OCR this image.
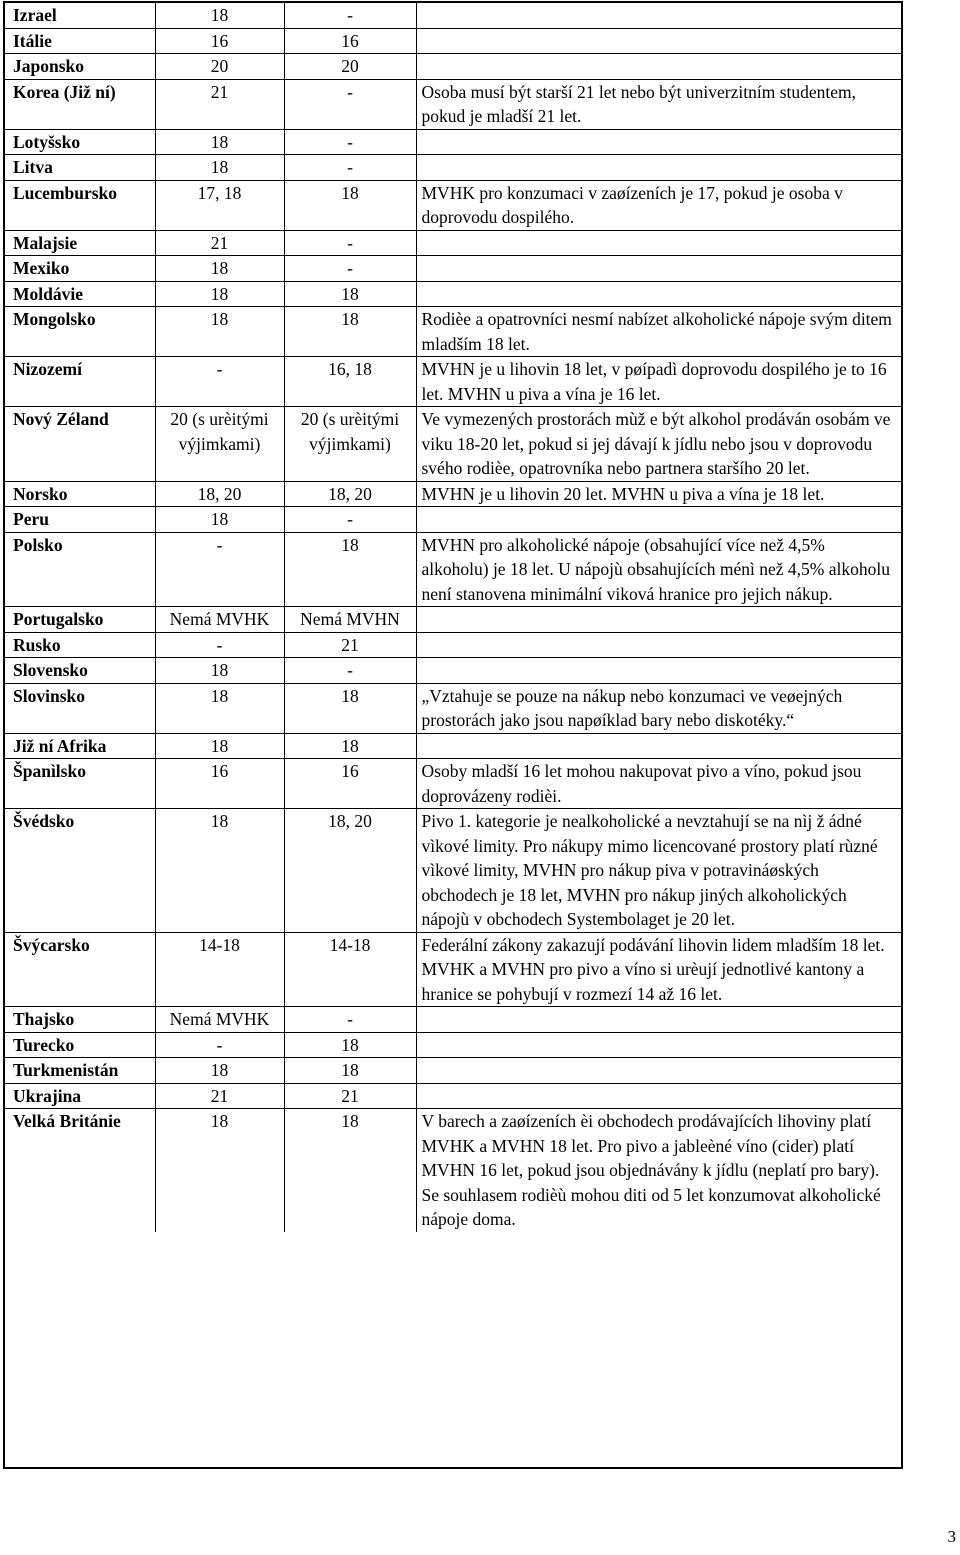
Izrael	18	-	
Itálie	16	16	
Japonsko	20	20	
Korea (Již ní)	21	-	Osoba musí být starší 21 let nebo být univerzitním studentem, pokud je mladší 21 let.
Lotyšsko	18	-	
Litva	18	-	
Lucembursko	17, 18	18	MVHK pro konzumaci v zaøízeních je 17, pokud je osoba v doprovodu dospilého.
Malajsie	21	-	
Mexiko	18	-	
Moldávie	18	18	
Mongolsko	18	18	Rodièe a opatrovníci nesmí nabízet alkoholické nápoje svým ditem mladším 18 let.
Nizozemí	-	16, 18	MVHN je u lihovin 18 let, v pøípadì doprovodu dospilého je to 16 let. MVHN u piva a vína je 16 let.
Nový Zéland	20 (s urèitými výjimkami)	20 (s urèitými výjimkami)	Ve vymezených prostorách mùž e být alkohol prodáván osobám ve viku 18-20 let, pokud si jej dávají k jídlu nebo jsou v doprovodu svého rodièe, opatrovníka nebo partnera staršího 20 let.
Norsko	18, 20	18, 20	MVHN je u lihovin 20 let. MVHN u piva a vína je 18 let.
Peru	18	-	
Polsko	-	18	MVHN pro alkoholické nápoje (obsahující více než 4,5% alkoholu) je 18 let. U nápojù obsahujících ménì než 4,5% alkoholu není stanovena minimální viková hranice pro jejich nákup.
Portugalsko	Nemá MVHK	Nemá MVHN	
Rusko	-	21	
Slovensko	18	-	
Slovinsko	18	18	„Vztahuje se pouze na nákup nebo konzumaci ve veøejných prostorách jako jsou napøíklad bary nebo diskotéky.“
Již ní Afrika	18	18	
Španìlsko	16	16	Osoby mladší 16 let mohou nakupovat pivo a víno, pokud jsou doprovázeny rodièi.
Švédsko	18	18, 20	Pivo 1. kategorie je nealkoholické a nevztahují se na nìj ž ádné vìkové limity. Pro nákupy mimo licencované prostory platí rùzné vìkové limity, MVHN pro nákup piva v potravináøských obchodech je 18 let, MVHN pro nákup jiných alkoholických nápojù v obchodech Systembolaget je 20 let.
Švýcarsko	14-18	14-18	Federální zákony zakazují podávání lihovin lidem mladším 18 let. MVHK a MVHN pro pivo a víno si urèují jednotlivé kantony a hranice se pohybují v rozmezí 14 až 16 let.
Thajsko	Nemá MVHK	-	
Turecko	-	18	
Turkmenistán	18	18	
Ukrajina	21	21	
Velká Británie	18	18	V barech a zaøízeních èi obchodech prodávajících lihoviny platí MVHK a MVHN 18 let. Pro pivo a jableèné víno (cider) platí MVHN 16 let, pokud jsou objednávány k jídlu (neplatí pro bary). Se souhlasem rodièù mohou diti od 5 let konzumovat alkoholické nápoje doma.
3
